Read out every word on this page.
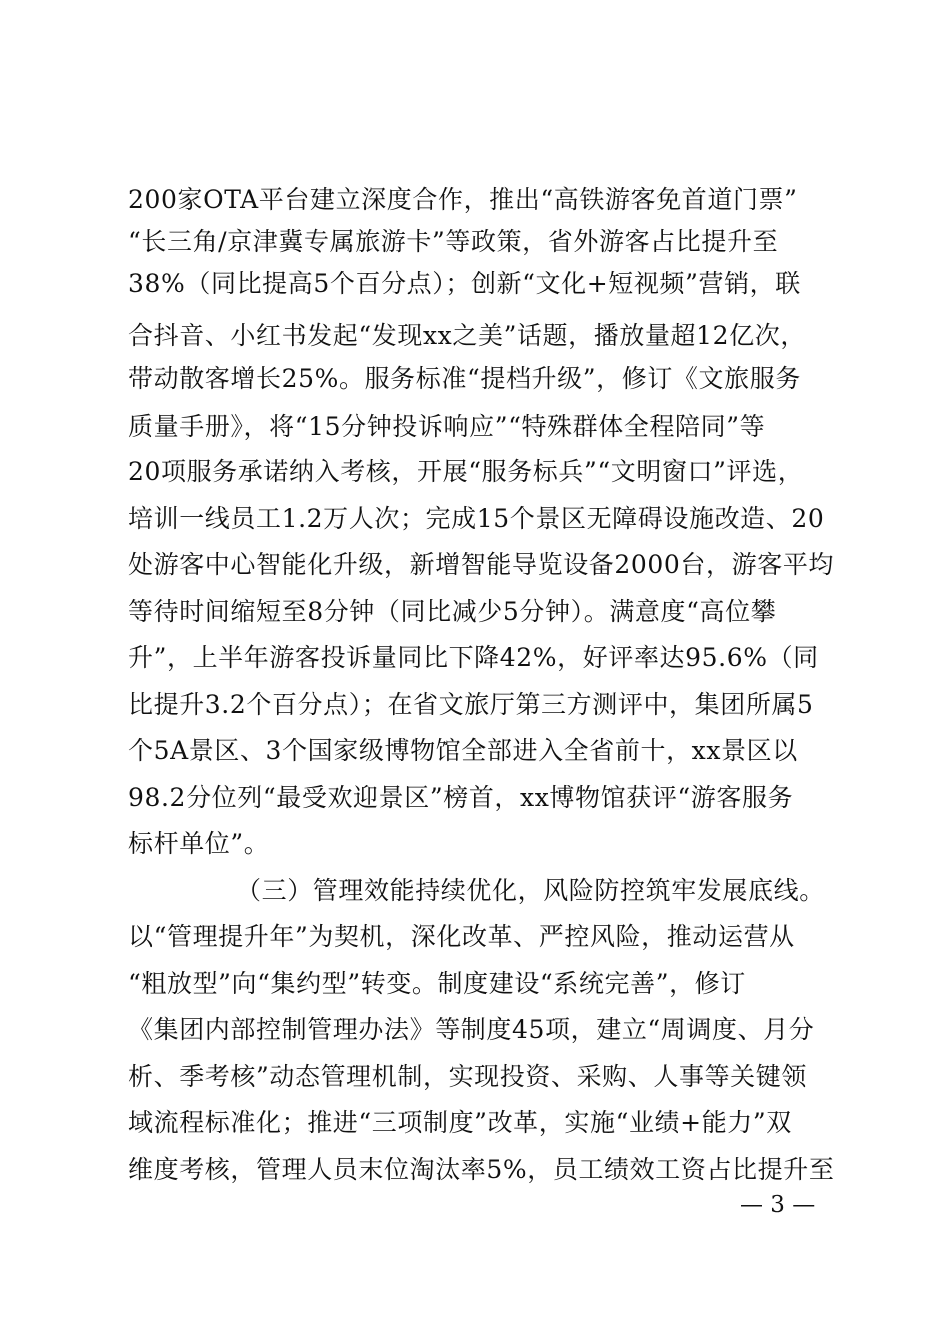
200家OTA平台建立深度合作，推出“高铁游客免首道门票”
“长三角/京津冀专属旅游卡”等政策，省外游客占比提升至
38%（同比提高5个百分点）；创新“文化+短视频”营销，联
合抖音、小红书发起“发现xx之美”话题，播放量超12亿次，
带动散客增长25%。服务标准“提档升级”，修订《文旅服务
质量手册》，将“15分钟投诉响应”“特殊群体全程陪同”等
20项服务承诺纳入考核，开展“服务标兵”“文明窗口”评选，
培训一线员工1.2万人次；完成15个景区无障碍设施改造、20
处游客中心智能化升级，新增智能导览设备2000台，游客平均
等待时间缩短至8分钟（同比减少5分钟）。满意度“高位攀
升”，上半年游客投诉量同比下降42%，好评率达95.6%（同
比提升3.2个百分点）；在省文旅厅第三方测评中，集团所属5
个5A景区、3个国家级博物馆全部进入全省前十，xx景区以
98.2分位列“最受欢迎景区”榜首，xx博物馆获评“游客服务
标杆单位”。
（三）管理效能持续优化，风险防控筑牢发展底线。
以“管理提升年”为契机，深化改革、严控风险，推动运营从
“粗放型”向“集约型”转变。制度建设“系统完善”，修订
《集团内部控制管理办法》等制度45项，建立“周调度、月分
析、季考核”动态管理机制，实现投资、采购、人事等关键领
域流程标准化；推进“三项制度”改革，实施“业绩+能力”双
维度考核，管理人员末位淘汰率5%，员工绩效工资占比提升至
— 3 —
